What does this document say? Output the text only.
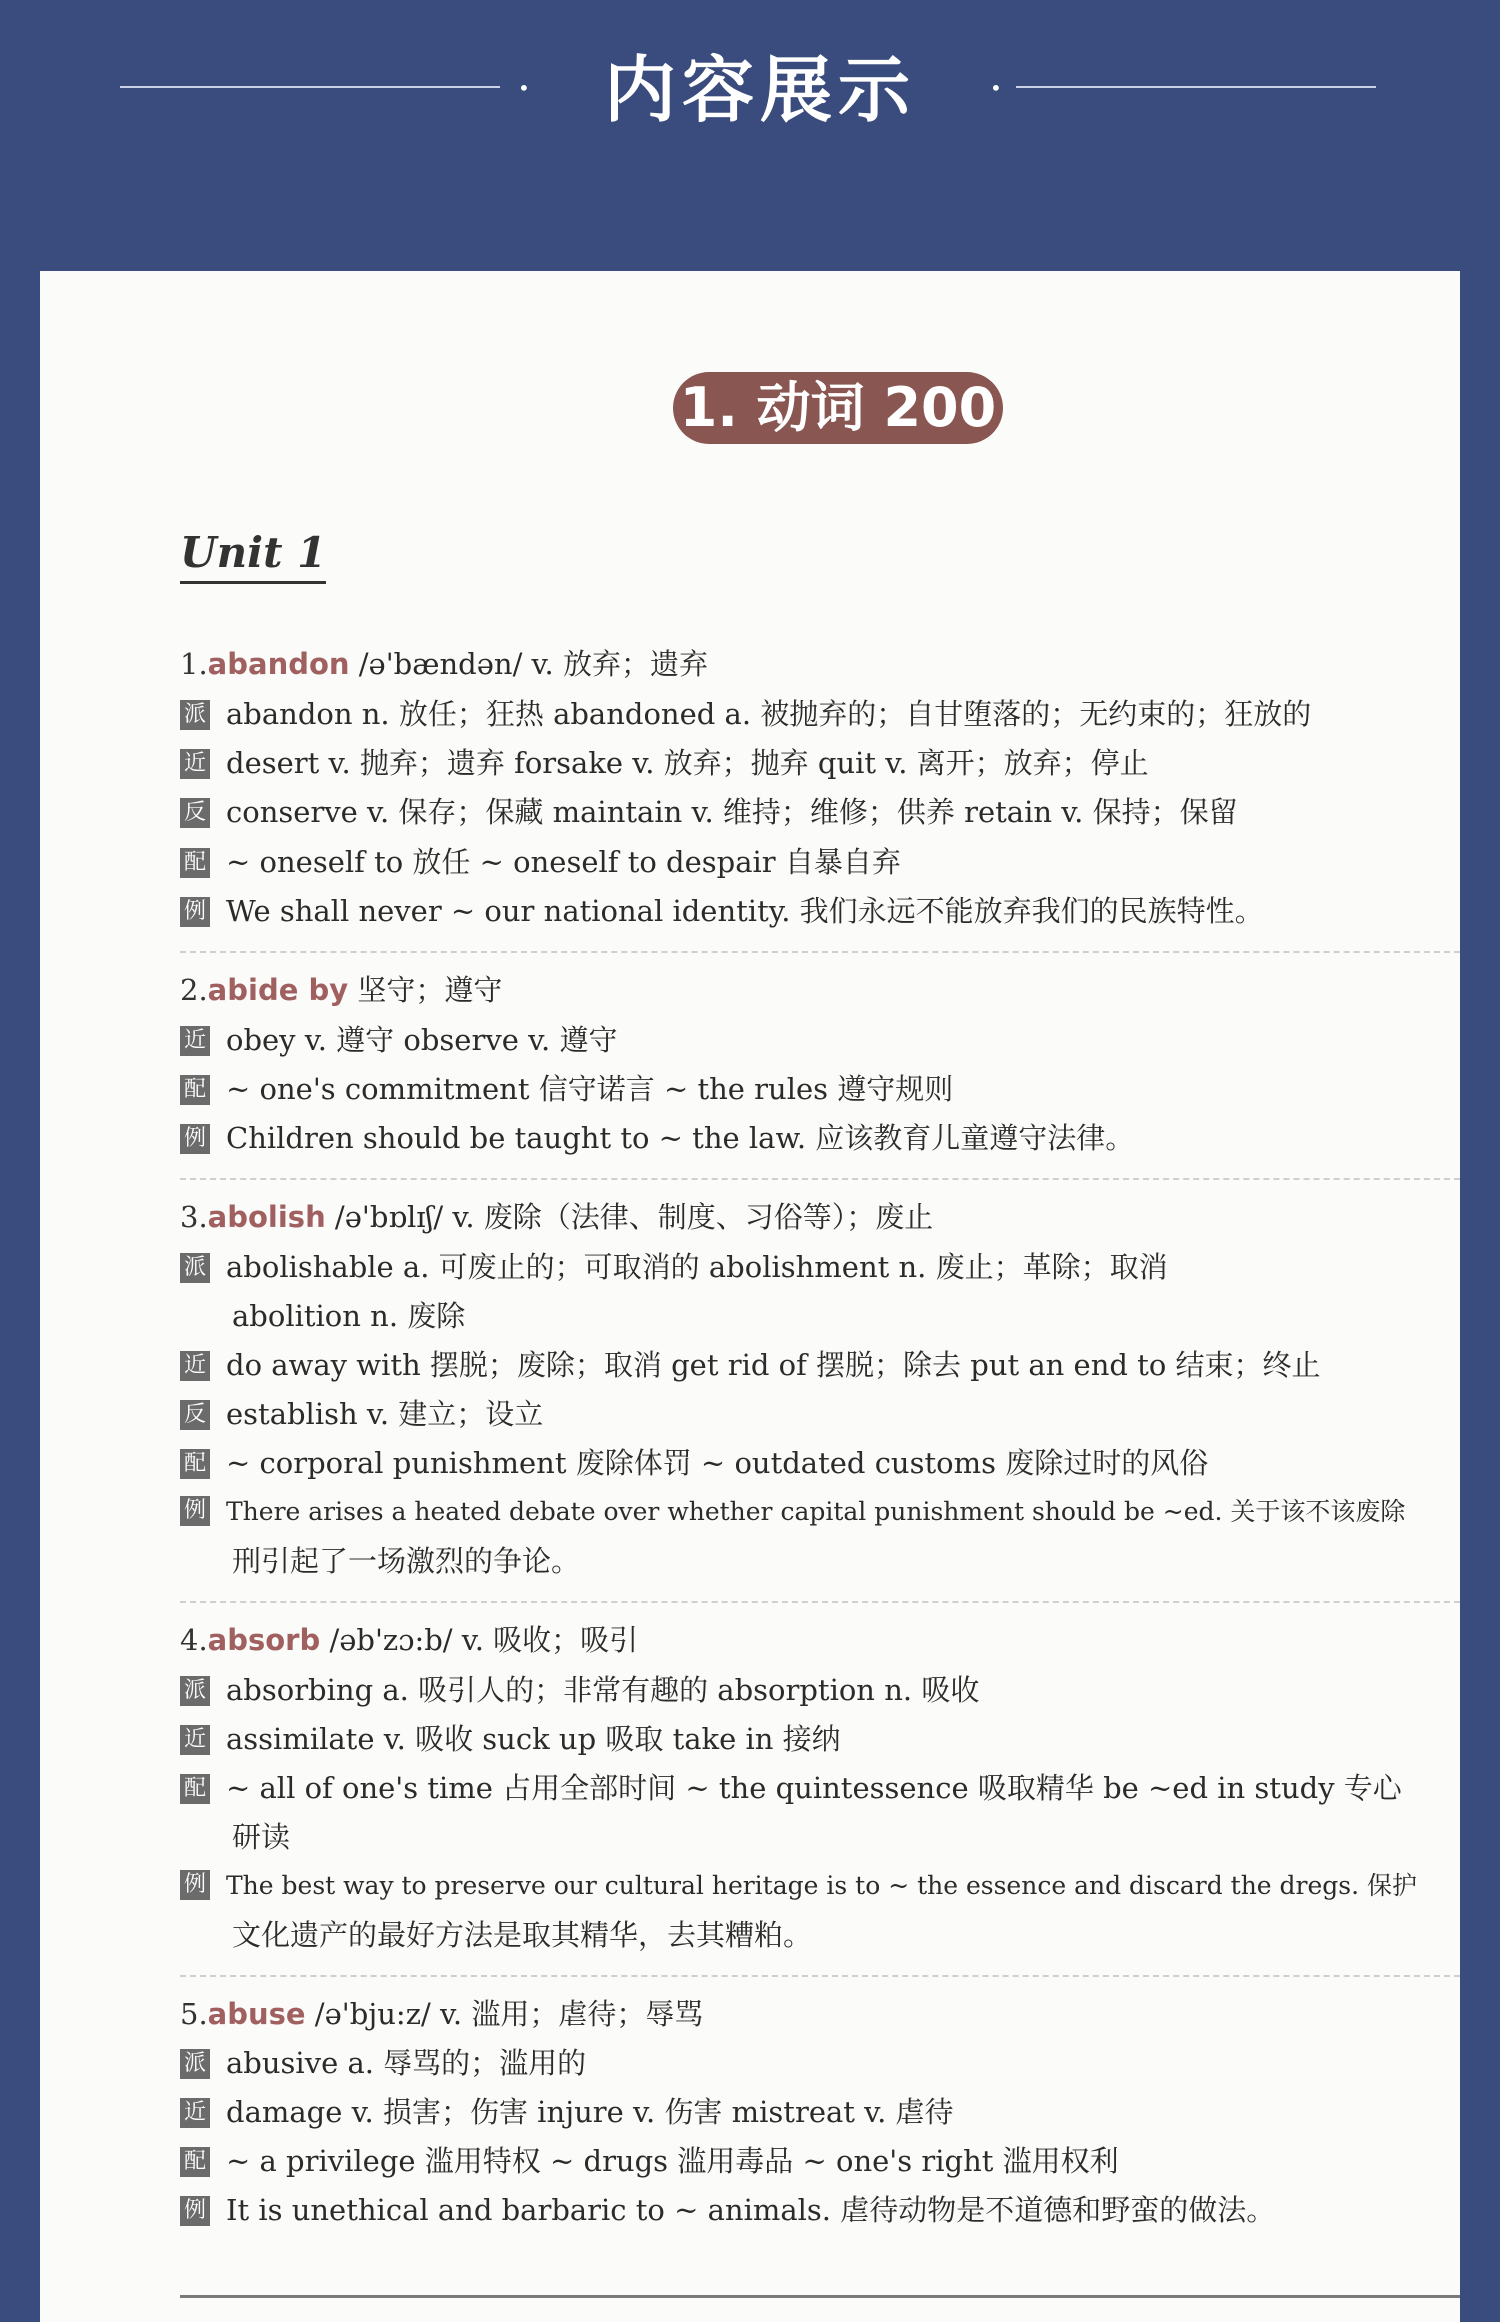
•	内容展示	•
1. 动词 200
Unit 1
1.abandon /ə'bændən/ v. 放弃；遗弃
派 abandon n. 放任；狂热 abandoned a. 被抛弃的；自甘堕落的；无约束的；狂放的
近 desert v. 抛弃；遗弃 forsake v. 放弃；抛弃 quit v. 离开；放弃；停止
反 conserve v. 保存；保藏 maintain v. 维持；维修；供养 retain v. 保持；保留
配 ~ oneself to 放任 ~ oneself to despair 自暴自弃
例 We shall never ~ our national identity. 我们永远不能放弃我们的民族特性。
2.abide by 坚守；遵守
近 obey v. 遵守 observe v. 遵守
配 ~ one's commitment 信守诺言 ~ the rules 遵守规则
例 Children should be taught to ~ the law. 应该教育儿童遵守法律。
3.abolish /ə'bɒlɪʃ/ v. 废除（法律、制度、习俗等）；废止
派 abolishable a. 可废止的；可取消的 abolishment n. 废止；革除；取消
abolition n. 废除
近 do away with 摆脱；废除；取消 get rid of 摆脱；除去 put an end to 结束；终止
反 establish v. 建立；设立
配 ~ corporal punishment 废除体罚 ~ outdated customs 废除过时的风俗
例 There arises a heated debate over whether capital punishment should be ~ed. 关于该不该废除
刑引起了一场激烈的争论。
4.absorb /əb'zɔ:b/ v. 吸收；吸引
派 absorbing a. 吸引人的；非常有趣的 absorption n. 吸收
近 assimilate v. 吸收 suck up 吸取 take in 接纳
配 ~ all of one's time 占用全部时间 ~ the quintessence 吸取精华 be ~ed in study 专心
研读
例 The best way to preserve our cultural heritage is to ~ the essence and discard the dregs. 保护
文化遗产的最好方法是取其精华，去其糟粕。
5.abuse /ə'bju:z/ v. 滥用；虐待；辱骂
派 abusive a. 辱骂的；滥用的
近 damage v. 损害；伤害 injure v. 伤害 mistreat v. 虐待
配 ~ a privilege 滥用特权 ~ drugs 滥用毒品 ~ one's right 滥用权利
例 It is unethical and barbaric to ~ animals. 虐待动物是不道德和野蛮的做法。
